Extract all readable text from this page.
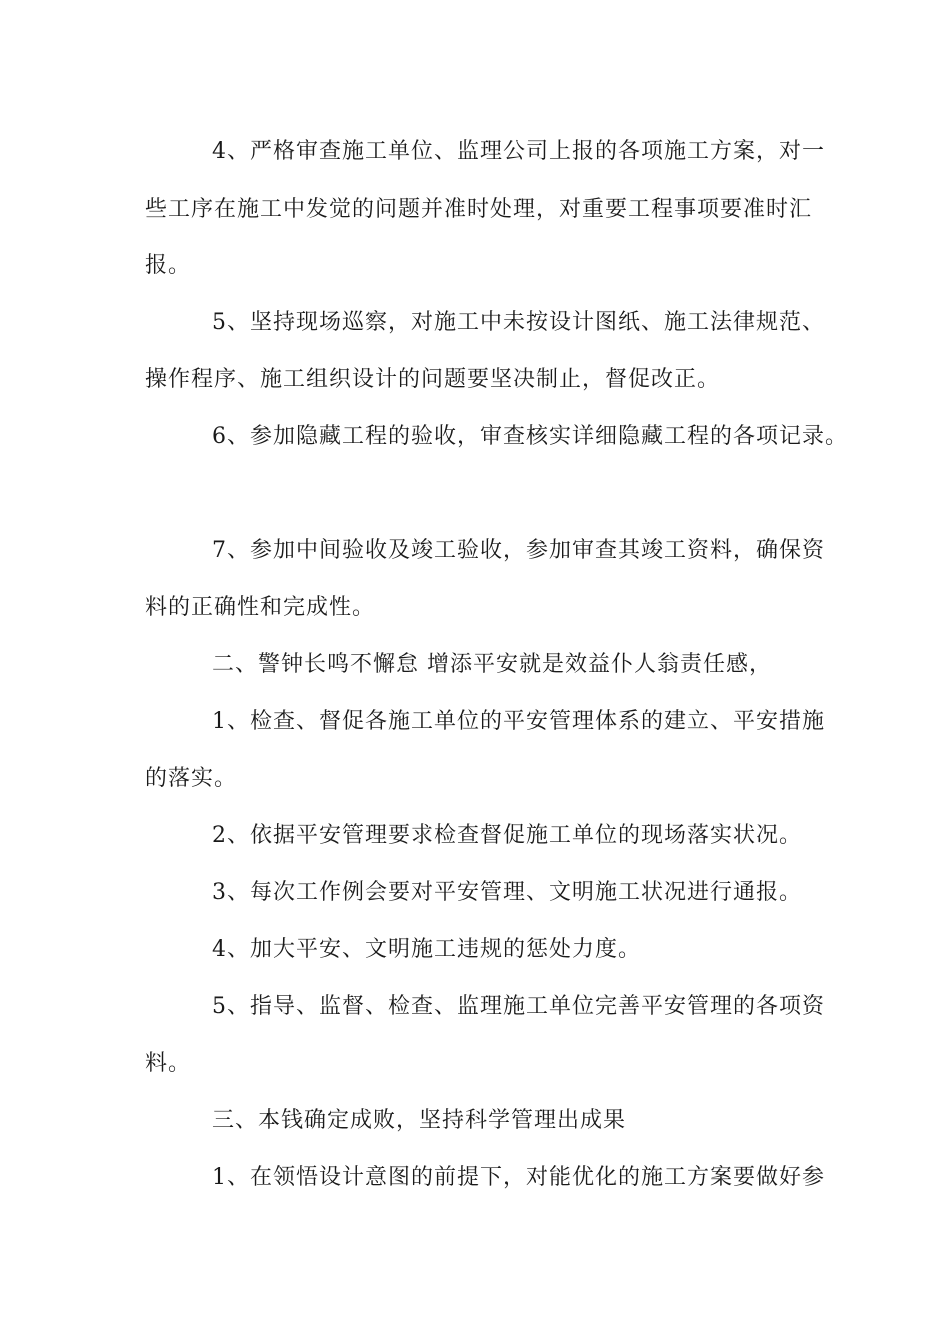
4、严格审查施工单位、监理公司上报的各项施工方案，对一
些工序在施工中发觉的问题并准时处理，对重要工程事项要准时汇
报。
5、坚持现场巡察，对施工中未按设计图纸、施工法律规范、
操作程序、施工组织设计的问题要坚决制止，督促改正。
6、参加隐藏工程的验收，审查核实详细隐藏工程的各项记录。
7、参加中间验收及竣工验收，参加审查其竣工资料，确保资
料的正确性和完成性。
二、警钟长鸣不懈怠 增添平安就是效益仆人翁责任感，
1、检查、督促各施工单位的平安管理体系的建立、平安措施
的落实。
2、依据平安管理要求检查督促施工单位的现场落实状况。
3、每次工作例会要对平安管理、文明施工状况进行通报。
4、加大平安、文明施工违规的惩处力度。
5、指导、监督、检查、监理施工单位完善平安管理的各项资
料。
三、本钱确定成败，坚持科学管理出成果
1、在领悟设计意图的前提下，对能优化的施工方案要做好参
